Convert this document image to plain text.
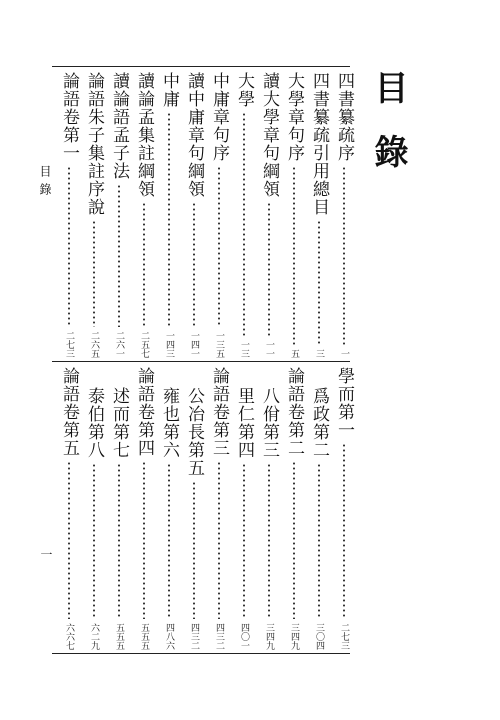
目錄
目錄
一
四書纂疏序
一
四書纂疏引用總目
三
大學章句序
五
讀大學章句綱領
一一
大學
一三
中庸章句序
一三五
讀中庸章句綱領
一四一
中庸
一四三
讀論孟集註綱領
二五七
讀論語孟子法
二六一
論語朱子集註序說
二六五
論語卷第一
二七三
學而第一
二七三
爲政第二
三〇四
論語卷第二
三四九
八佾第三
三四九
里仁第四
四〇一
論語卷第三
四三二
公冶長第五
四三二
雍也第六
四八六
論語卷第四
五五五
述而第七
五五五
泰伯第八
六二九
論語卷第五
六六七
